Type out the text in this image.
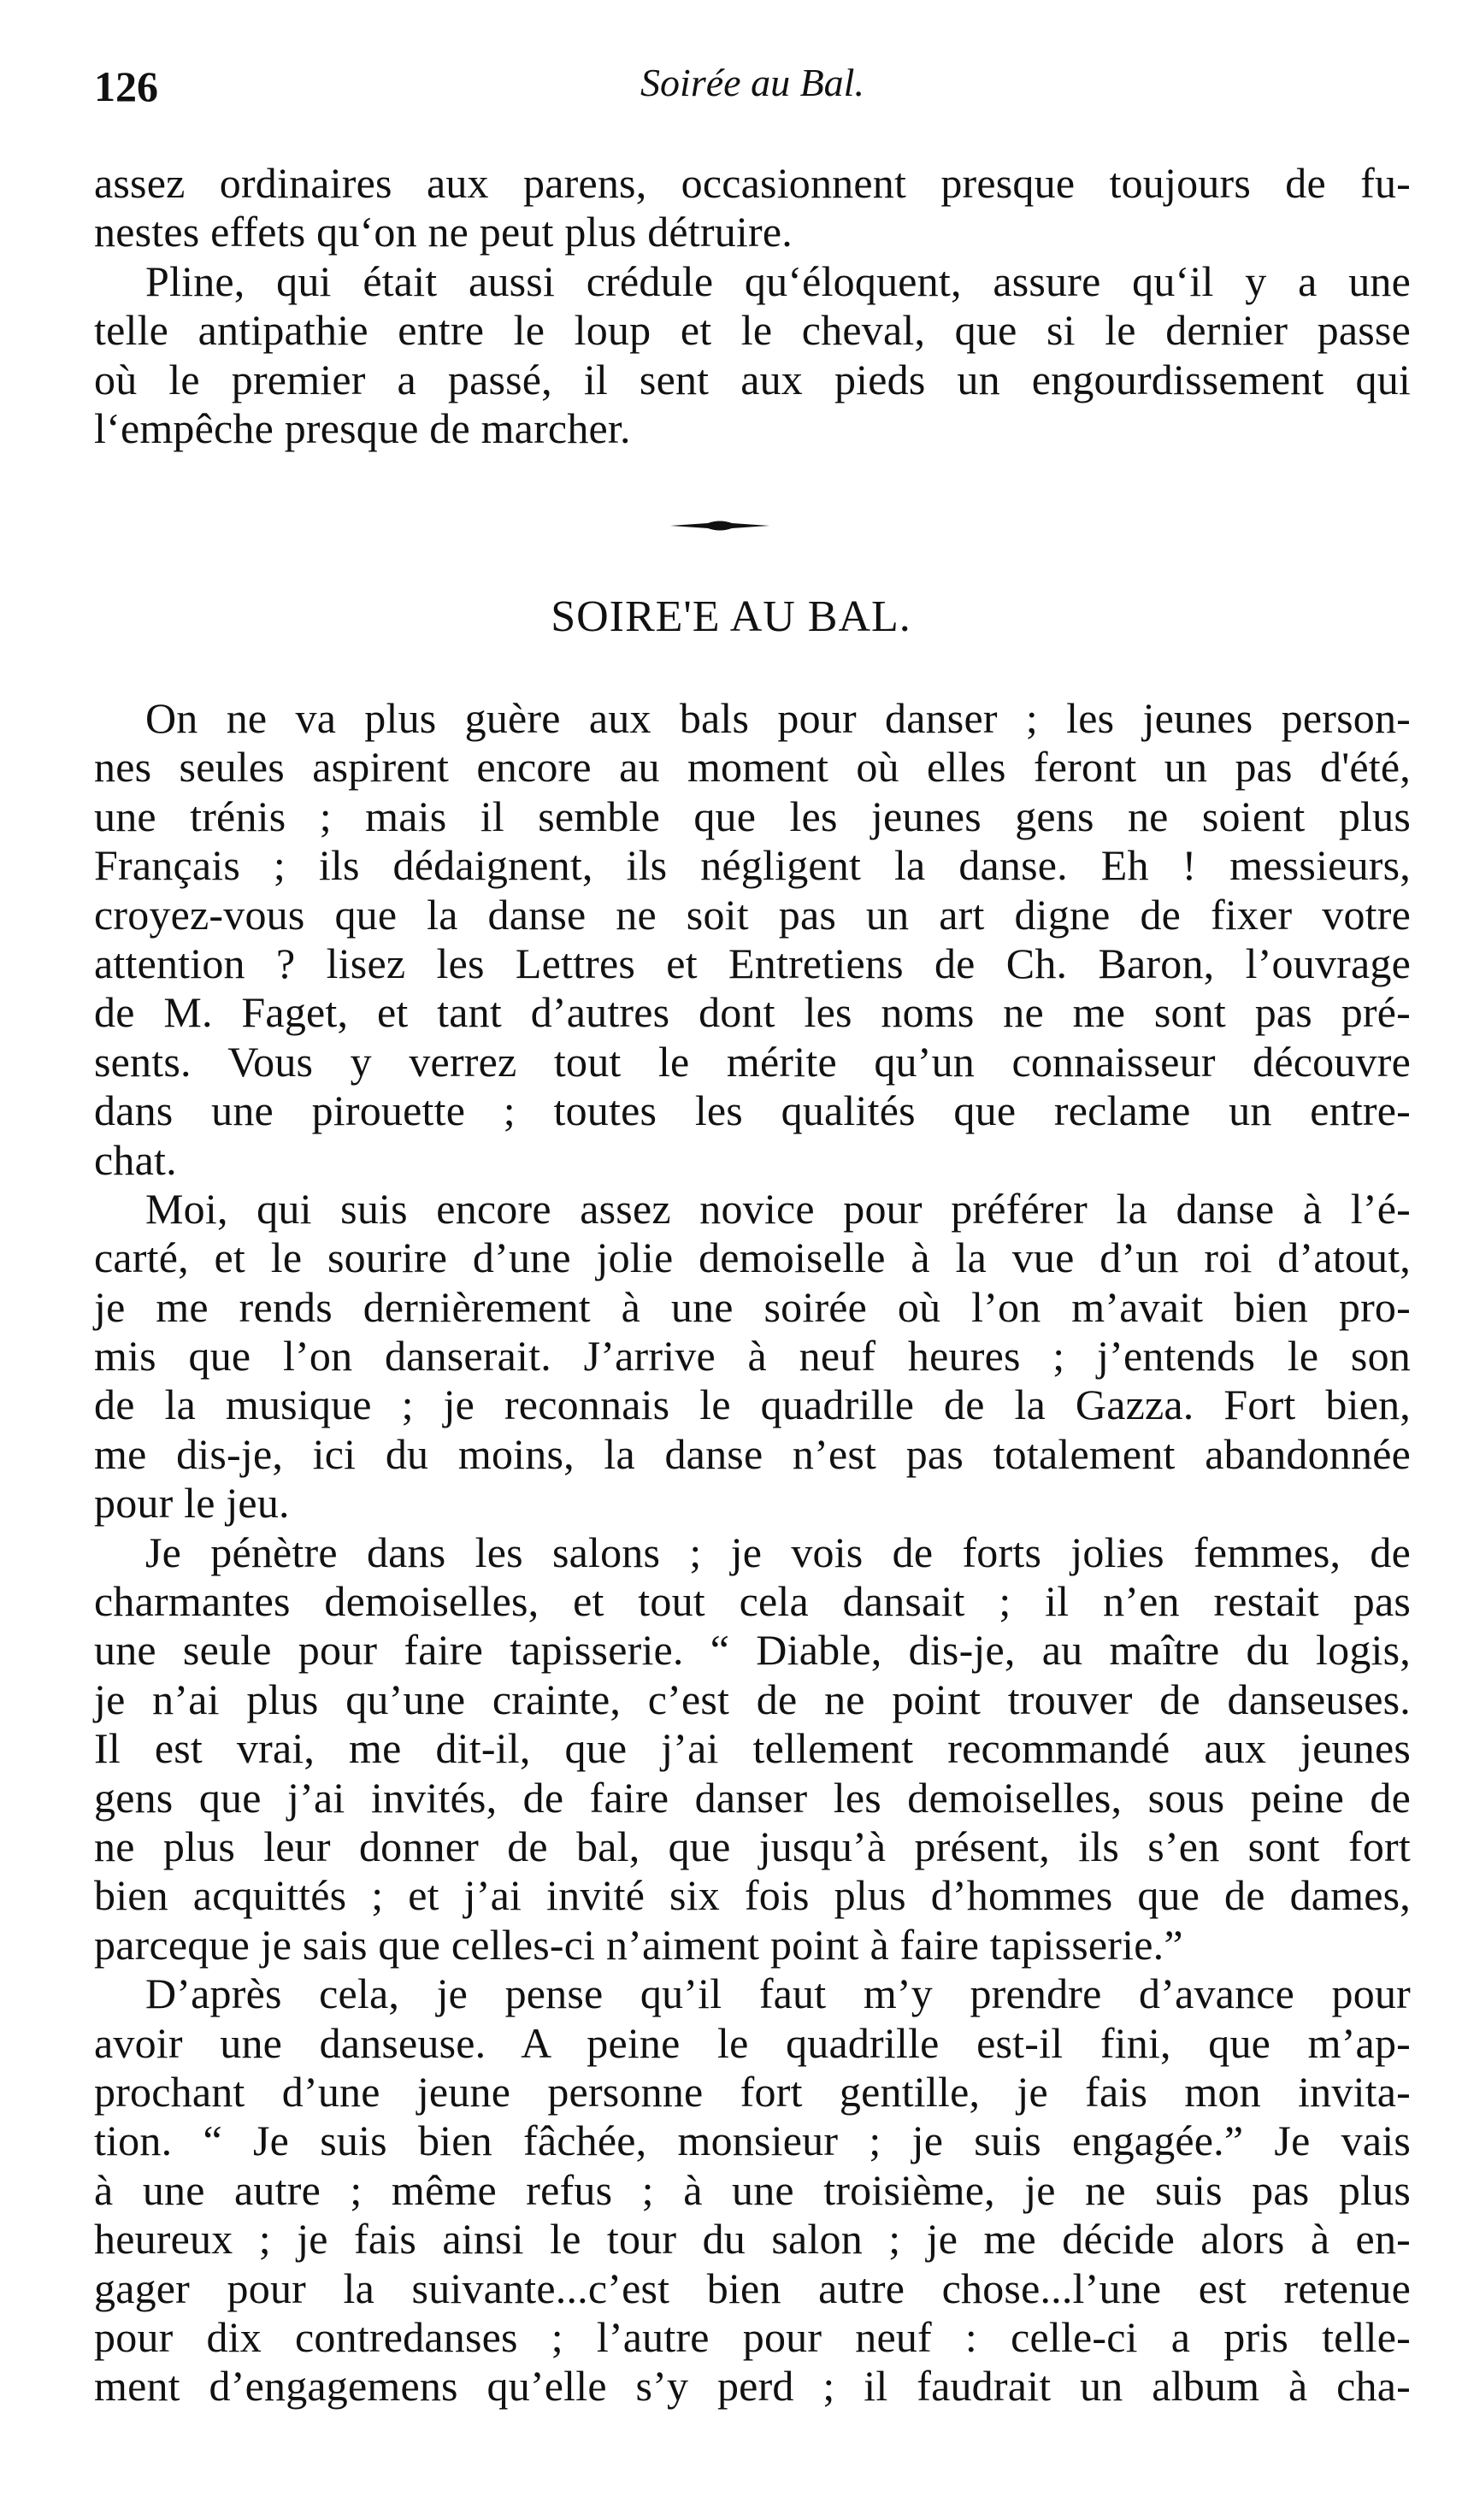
126	Soirée au Bal.
assez ordinaires aux parens, occasionnent presque toujours de fu-
nestes effets qu‘on ne peut plus détruire.
Pline, qui était aussi crédule qu‘éloquent, assure qu‘il y a une
telle antipathie entre le loup et le cheval, que si le dernier passe
où le premier a passé, il sent aux pieds un engourdissement qui
l‘empêche presque de marcher.
SOIRE'E AU BAL.
On ne va plus guère aux bals pour danser ; les jeunes person-
nes seules aspirent encore au moment où elles feront un pas d'été,
une trénis ; mais il semble que les jeunes gens ne soient plus
Français ; ils dédaignent, ils négligent la danse. Eh ! messieurs,
croyez-vous que la danse ne soit pas un art digne de fixer votre
attention ? lisez les Lettres et Entretiens de Ch. Baron, l’ouvrage
de M. Faget, et tant d’autres dont les noms ne me sont pas pré-
sents. Vous y verrez tout le mérite qu’un connaisseur découvre
dans une pirouette ; toutes les qualités que reclame un entre-
chat.
Moi, qui suis encore assez novice pour préférer la danse à l’é-
carté, et le sourire d’une jolie demoiselle à la vue d’un roi d’atout,
je me rends dernièrement à une soirée où l’on m’avait bien pro-
mis que l’on danserait. J’arrive à neuf heures ; j’entends le son
de la musique ; je reconnais le quadrille de la Gazza. Fort bien,
me dis-je, ici du moins, la danse n’est pas totalement abandonnée
pour le jeu.
Je pénètre dans les salons ; je vois de forts jolies femmes, de
charmantes demoiselles, et tout cela dansait ; il n’en restait pas
une seule pour faire tapisserie. “ Diable, dis-je, au maître du logis,
je n’ai plus qu’une crainte, c’est de ne point trouver de danseuses.
Il est vrai, me dit-il, que j’ai tellement recommandé aux jeunes
gens que j’ai invités, de faire danser les demoiselles, sous peine de
ne plus leur donner de bal, que jusqu’à présent, ils s’en sont fort
bien acquittés ; et j’ai invité six fois plus d’hommes que de dames,
parceque je sais que celles-ci n’aiment point à faire tapisserie.”
D’après cela, je pense qu’il faut m’y prendre d’avance pour
avoir une danseuse. A peine le quadrille est-il fini, que m’ap-
prochant d’une jeune personne fort gentille, je fais mon invita-
tion. “ Je suis bien fâchée, monsieur ; je suis engagée.” Je vais
à une autre ; même refus ; à une troisième, je ne suis pas plus
heureux ; je fais ainsi le tour du salon ; je me décide alors à en-
gager pour la suivante...c’est bien autre chose...l’une est retenue
pour dix contredanses ; l’autre pour neuf : celle-ci a pris telle-
ment d’engagemens qu’elle s’y perd ; il faudrait un album à cha-
